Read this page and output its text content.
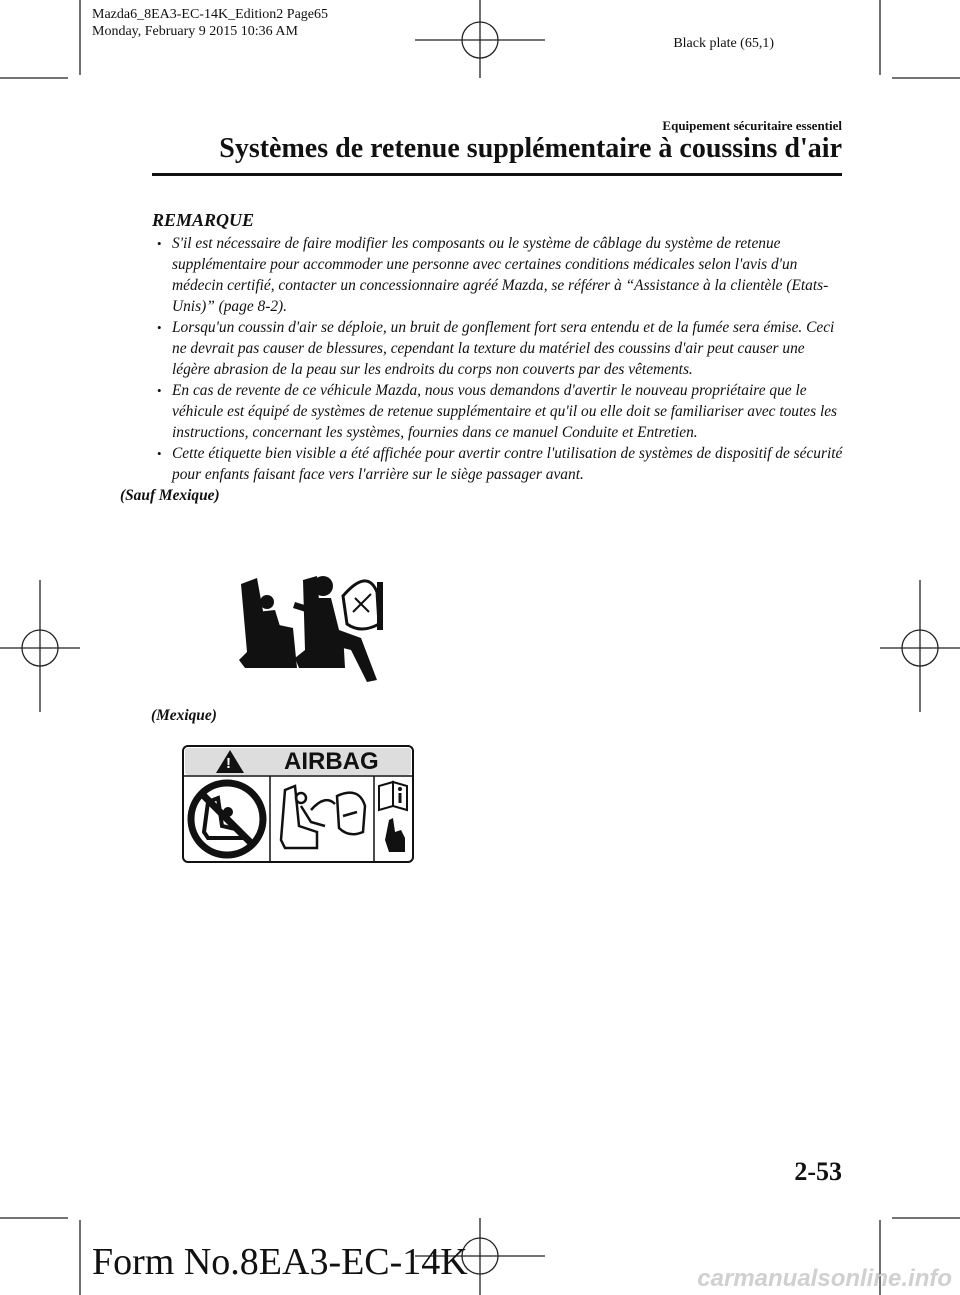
Mazda6_8EA3-EC-14K_Edition2 Page65
Monday, February 9 2015 10:36 AM
Black plate (65,1)
Equipement sécuritaire essentiel
Systèmes de retenue supplémentaire à coussins d'air
REMARQUE
• S'il est nécessaire de faire modifier les composants ou le système de câblage du système de retenue supplémentaire pour accommoder une personne avec certaines conditions médicales selon l'avis d'un médecin certifié, contacter un concessionnaire agréé Mazda, se référer à “Assistance à la clientèle (Etats-Unis)” (page 8-2).
• Lorsqu'un coussin d'air se déploie, un bruit de gonflement fort sera entendu et de la fumée sera émise. Ceci ne devrait pas causer de blessures, cependant la texture du matériel des coussins d'air peut causer une légère abrasion de la peau sur les endroits du corps non couverts par des vêtements.
• En cas de revente de ce véhicule Mazda, nous vous demandons d'avertir le nouveau propriétaire que le véhicule est équipé de systèmes de retenue supplémentaire et qu'il ou elle doit se familiariser avec toutes les instructions, concernant les systèmes, fournies dans ce manuel Conduite et Entretien.
• Cette étiquette bien visible a été affichée pour avertir contre l'utilisation de systèmes de dispositif de sécurité pour enfants faisant face vers l'arrière sur le siège passager avant.
(Sauf Mexique)
(Mexique)
! AIRBAG
2-53
Form No.8EA3-EC-14K	carmanualsonline.info
